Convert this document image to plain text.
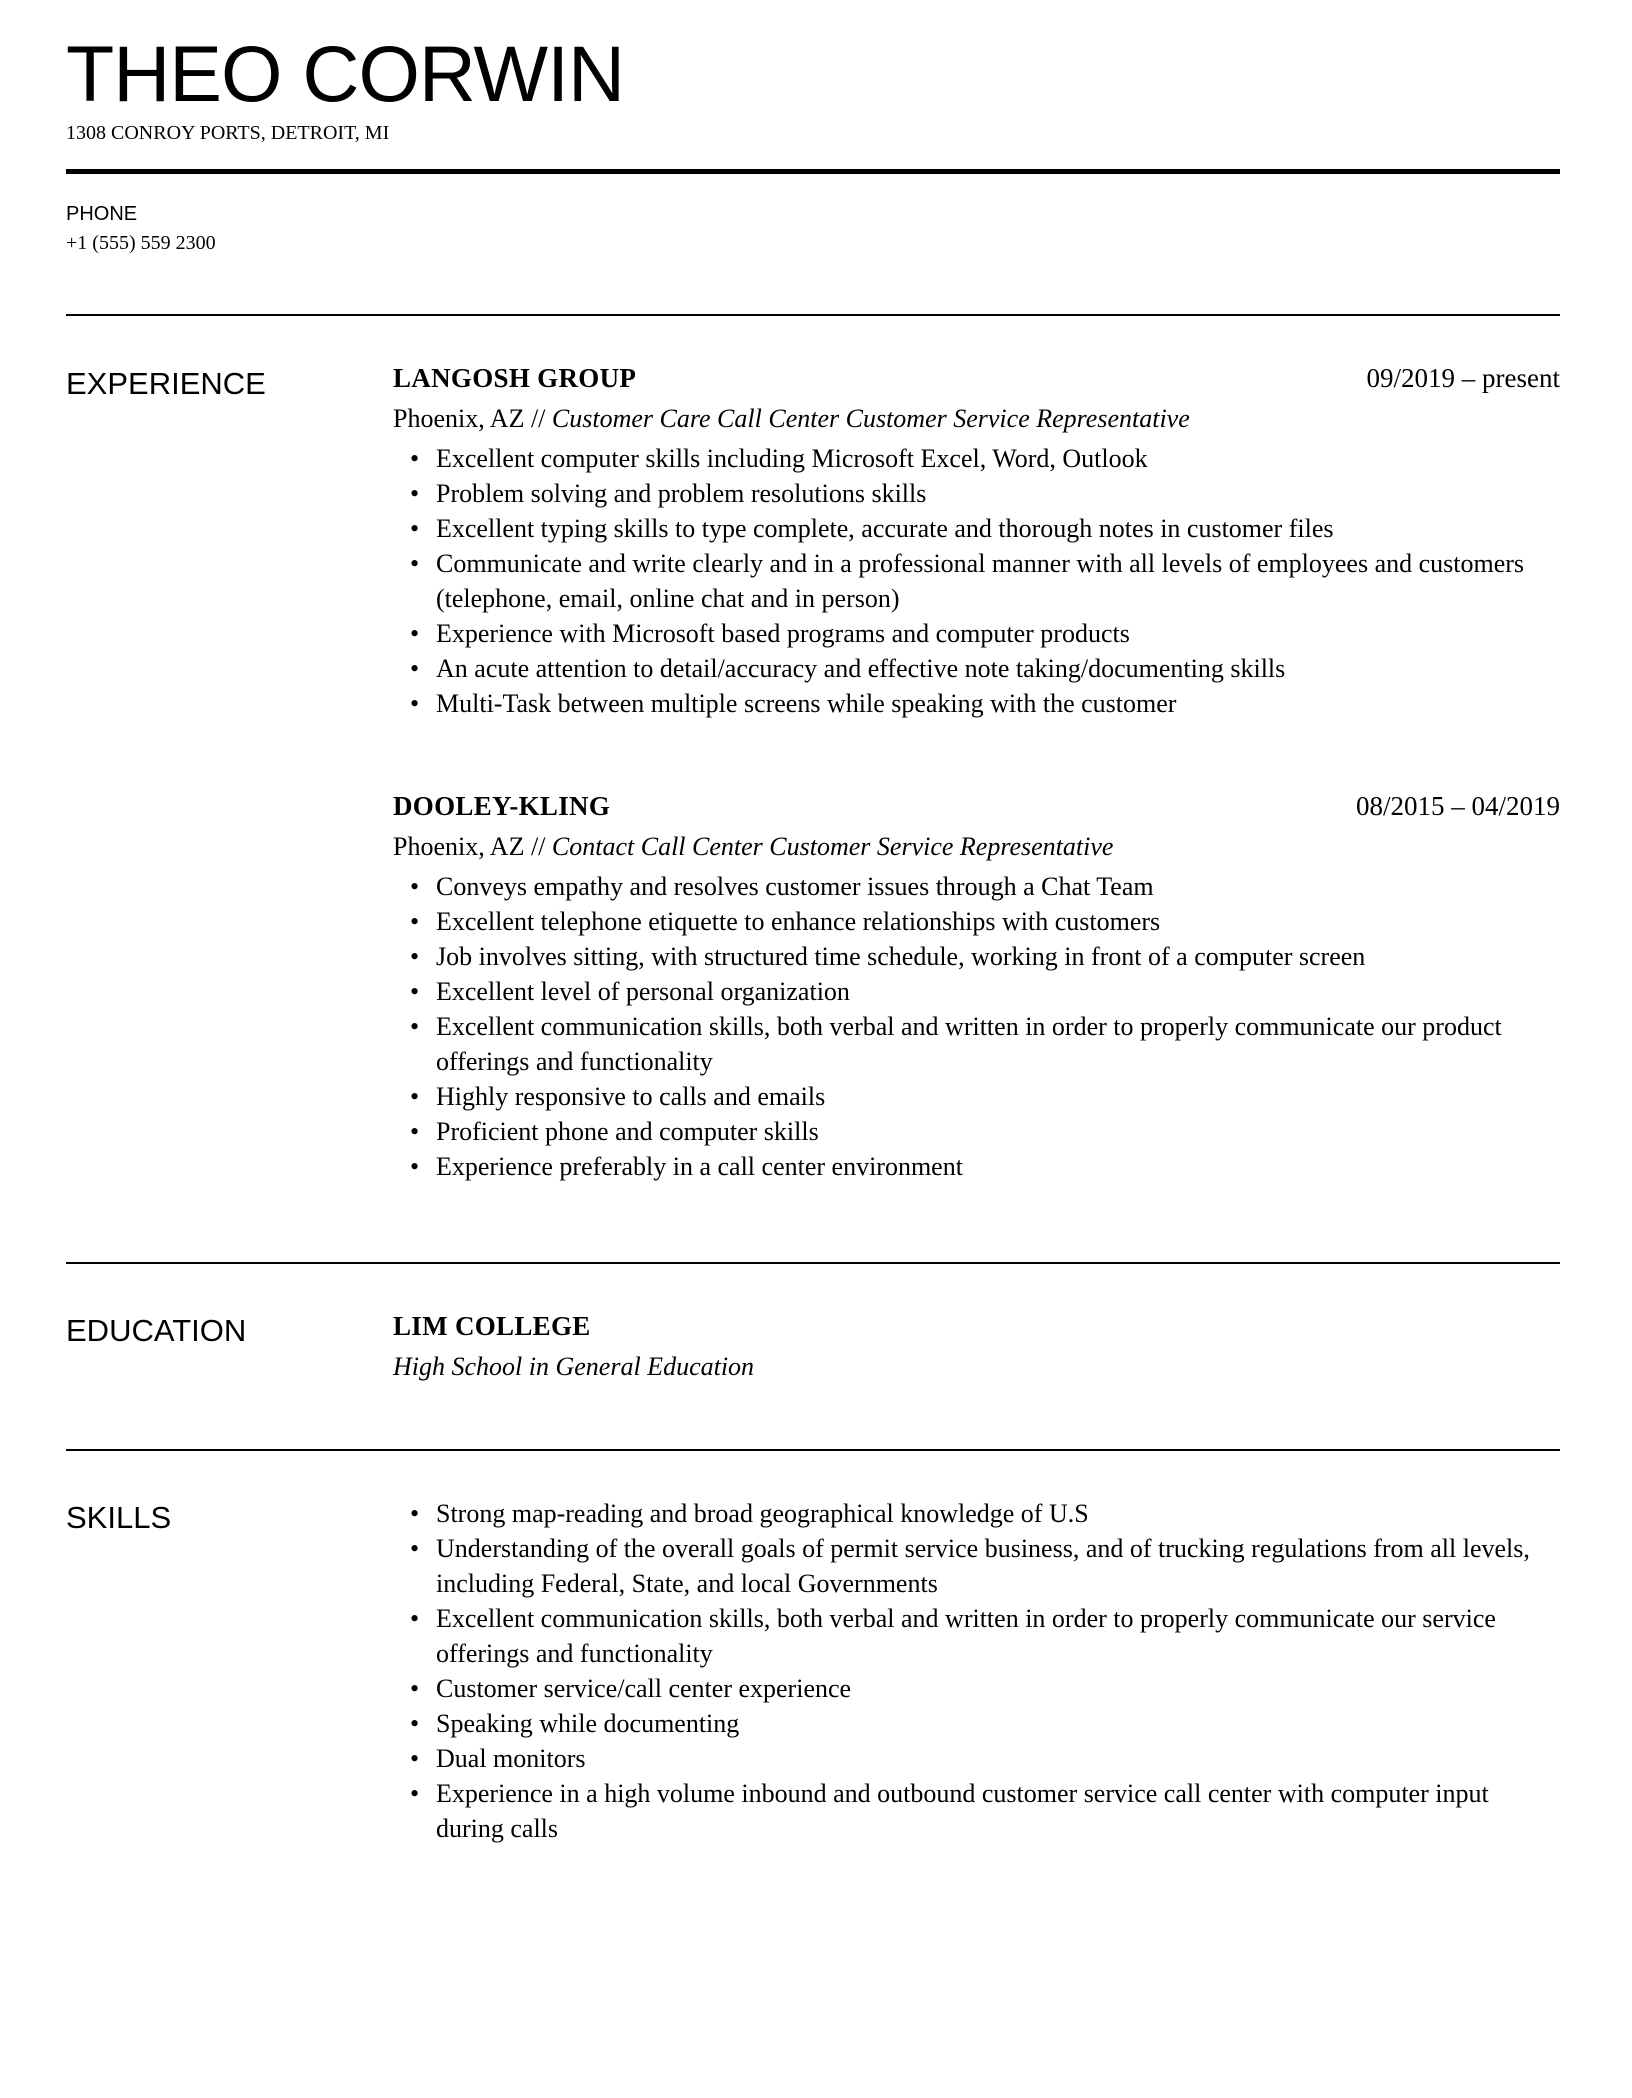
THEO CORWIN
1308 CONROY PORTS, DETROIT, MI
PHONE
+1 (555) 559 2300
EXPERIENCE	LANGOSH GROUP	09/2019 – present
Phoenix, AZ // Customer Care Call Center Customer Service Representative
• Excellent computer skills including Microsoft Excel, Word, Outlook
• Problem solving and problem resolutions skills
• Excellent typing skills to type complete, accurate and thorough notes in customer files
• Communicate and write clearly and in a professional manner with all levels of employees and customers (telephone, email, online chat and in person)
• Experience with Microsoft based programs and computer products
• An acute attention to detail/accuracy and effective note taking/documenting skills
• Multi-Task between multiple screens while speaking with the customer
DOOLEY-KLING	08/2015 – 04/2019
Phoenix, AZ // Contact Call Center Customer Service Representative
• Conveys empathy and resolves customer issues through a Chat Team
• Excellent telephone etiquette to enhance relationships with customers
• Job involves sitting, with structured time schedule, working in front of a computer screen
• Excellent level of personal organization
• Excellent communication skills, both verbal and written in order to properly communicate our product offerings and functionality
• Highly responsive to calls and emails
• Proficient phone and computer skills
• Experience preferably in a call center environment
EDUCATION	LIM COLLEGE
High School in General Education
SKILLS	• Strong map-reading and broad geographical knowledge of U.S
• Understanding of the overall goals of permit service business, and of trucking regulations from all levels, including Federal, State, and local Governments
• Excellent communication skills, both verbal and written in order to properly communicate our service offerings and functionality
• Customer service/call center experience
• Speaking while documenting
• Dual monitors
• Experience in a high volume inbound and outbound customer service call center with computer input during calls
